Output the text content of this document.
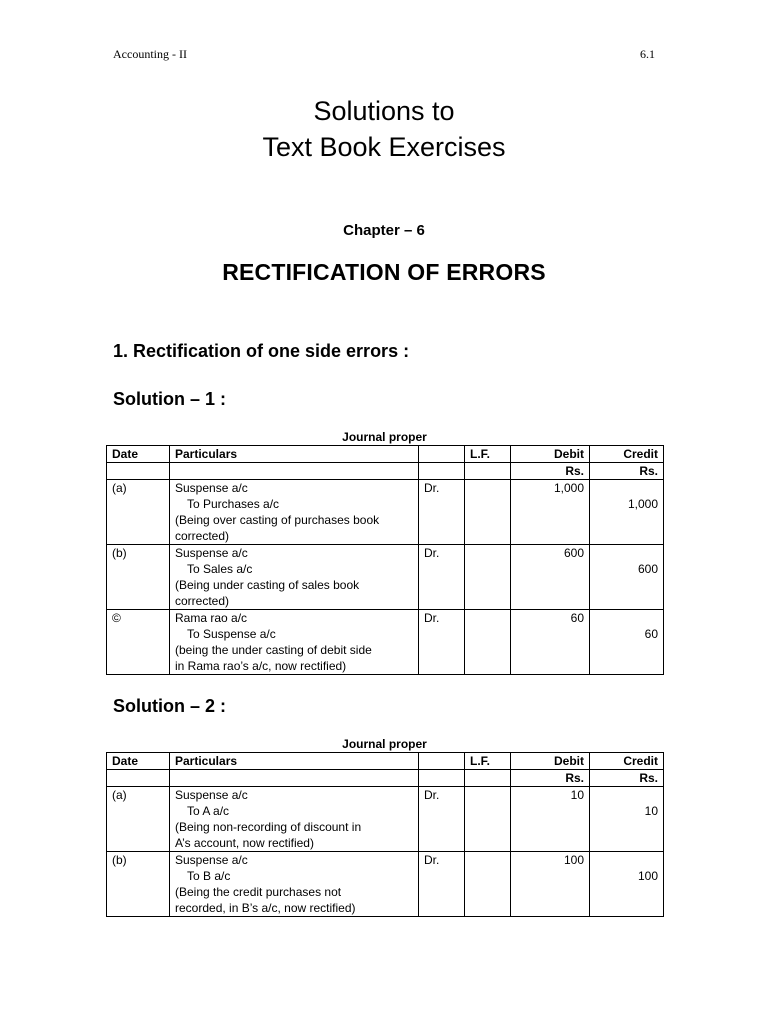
Accounting - II	6.1
Solutions to
Text Book Exercises
Chapter – 6
RECTIFICATION OF ERRORS
1. Rectification of one side errors :
Solution – 1 :
Journal proper
Date	Particulars		L.F.	Debit	Credit
				Rs.	Rs.
(a)	Suspense a/c
To Purchases a/c
(Being over casting of purchases book
corrected)	Dr.		1,000	1,000
(b)	Suspense a/c
To Sales a/c
(Being under casting of sales book
corrected)	Dr.		600	600
©	Rama rao a/c
To Suspense a/c
(being the under casting of debit side
in Rama rao’s a/c, now rectified)	Dr.		60	60
Solution – 2 :
Journal proper
Date	Particulars		L.F.	Debit	Credit
				Rs.	Rs.
(a)	Suspense a/c
To A a/c
(Being non-recording of discount in
A’s account, now rectified)	Dr.		10	10
(b)	Suspense a/c
To B a/c
(Being the credit purchases not
recorded, in B’s a/c, now rectified)	Dr.		100	100
